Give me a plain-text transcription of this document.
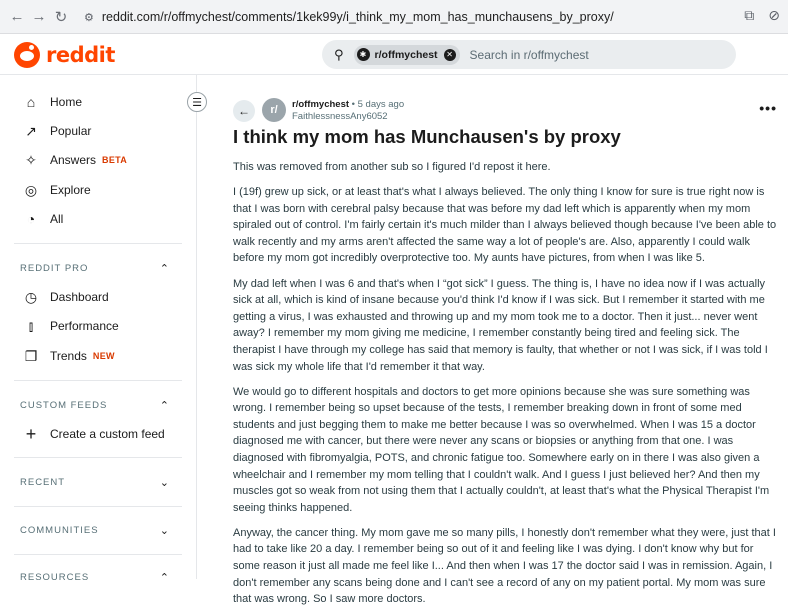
← → ↻	⚙ reddit.com/r/offmychest/comments/1kek99y/i_think_my_mom_has_munchausens_by_proxy/	⧉ ⊘
reddit	⚲	✱ r/offmychest	✕ Search in r/offmychest
⌂	Home
↗ Popular
✧ Answers BETA
◎ Explore
◔	All
REDDIT PRO	⌃
◷ Dashboard
⫾	Performance
❐ Trends NEW
CUSTOM FEEDS	⌃
+	Create a custom feed
RECENT	⌄
COMMUNITIES	⌄
RESOURCES	⌃
☰
←	r/	r/offmychest • 5 days ago
FaithlessnessAny6052
•••
I think my mom has Munchausen's by proxy

This was removed from another sub so I figured I'd repost it here.

I (19f) grew up sick, or at least that's what I always believed. The only thing I know for sure is true right now is that I was born with cerebral palsy because that was before my dad left which is apparently when my mom spiraled out of control. I'm fairly certain it's much milder than I always believed though because I've been able to walk recently and my arms aren't affected the same way a lot of people's are. Also, apparently I could walk before my mom got incredibly overprotective too. My aunts have pictures, from when I was like 5.

My dad left when I was 6 and that's when I “got sick” I guess. The thing is, I have no idea now if I was actually sick at all, which is kind of insane because you'd think I'd know if I was sick. But I remember it started with me getting a virus, I was exhausted and throwing up and my mom took me to a doctor. Then it just... never went away? I remember my mom giving me medicine, I remember constantly being tired and feeling sick. The therapist I have through my college has said that memory is faulty, that whether or not I was sick, if I was told I was sick my whole life that I'd remember it that way.

We would go to different hospitals and doctors to get more opinions because she was sure something was wrong. I remember being so upset because of the tests, I remember breaking down in front of some med students and just begging them to make me better because I was so overwhelmed. When I was 15 a doctor diagnosed me with cancer, but there were never any scans or biopsies or anything from that one. I was diagnosed with fibromyalgia, POTS, and chronic fatigue too. Somewhere early on in there I was also given a wheelchair and I remember my mom telling that I couldn't walk. And I guess I just believed her? And then my muscles got so weak from not using them that I actually couldn't, at least that's what the Physical Therapist I'm seeing thinks happened.

Anyway, the cancer thing. My mom gave me so many pills, I honestly don't remember what they were, just that I had to take like 20 a day. I remember being so out of it and feeling like I was dying. I don't know why but for some reason it just all made me feel like I... And then when I was 17 the doctor said I was in remission. Again, I don't remember any scans being done and I can't see a record of any on my patient portal. My mom was sure that was wrong. So I saw more doctors.
